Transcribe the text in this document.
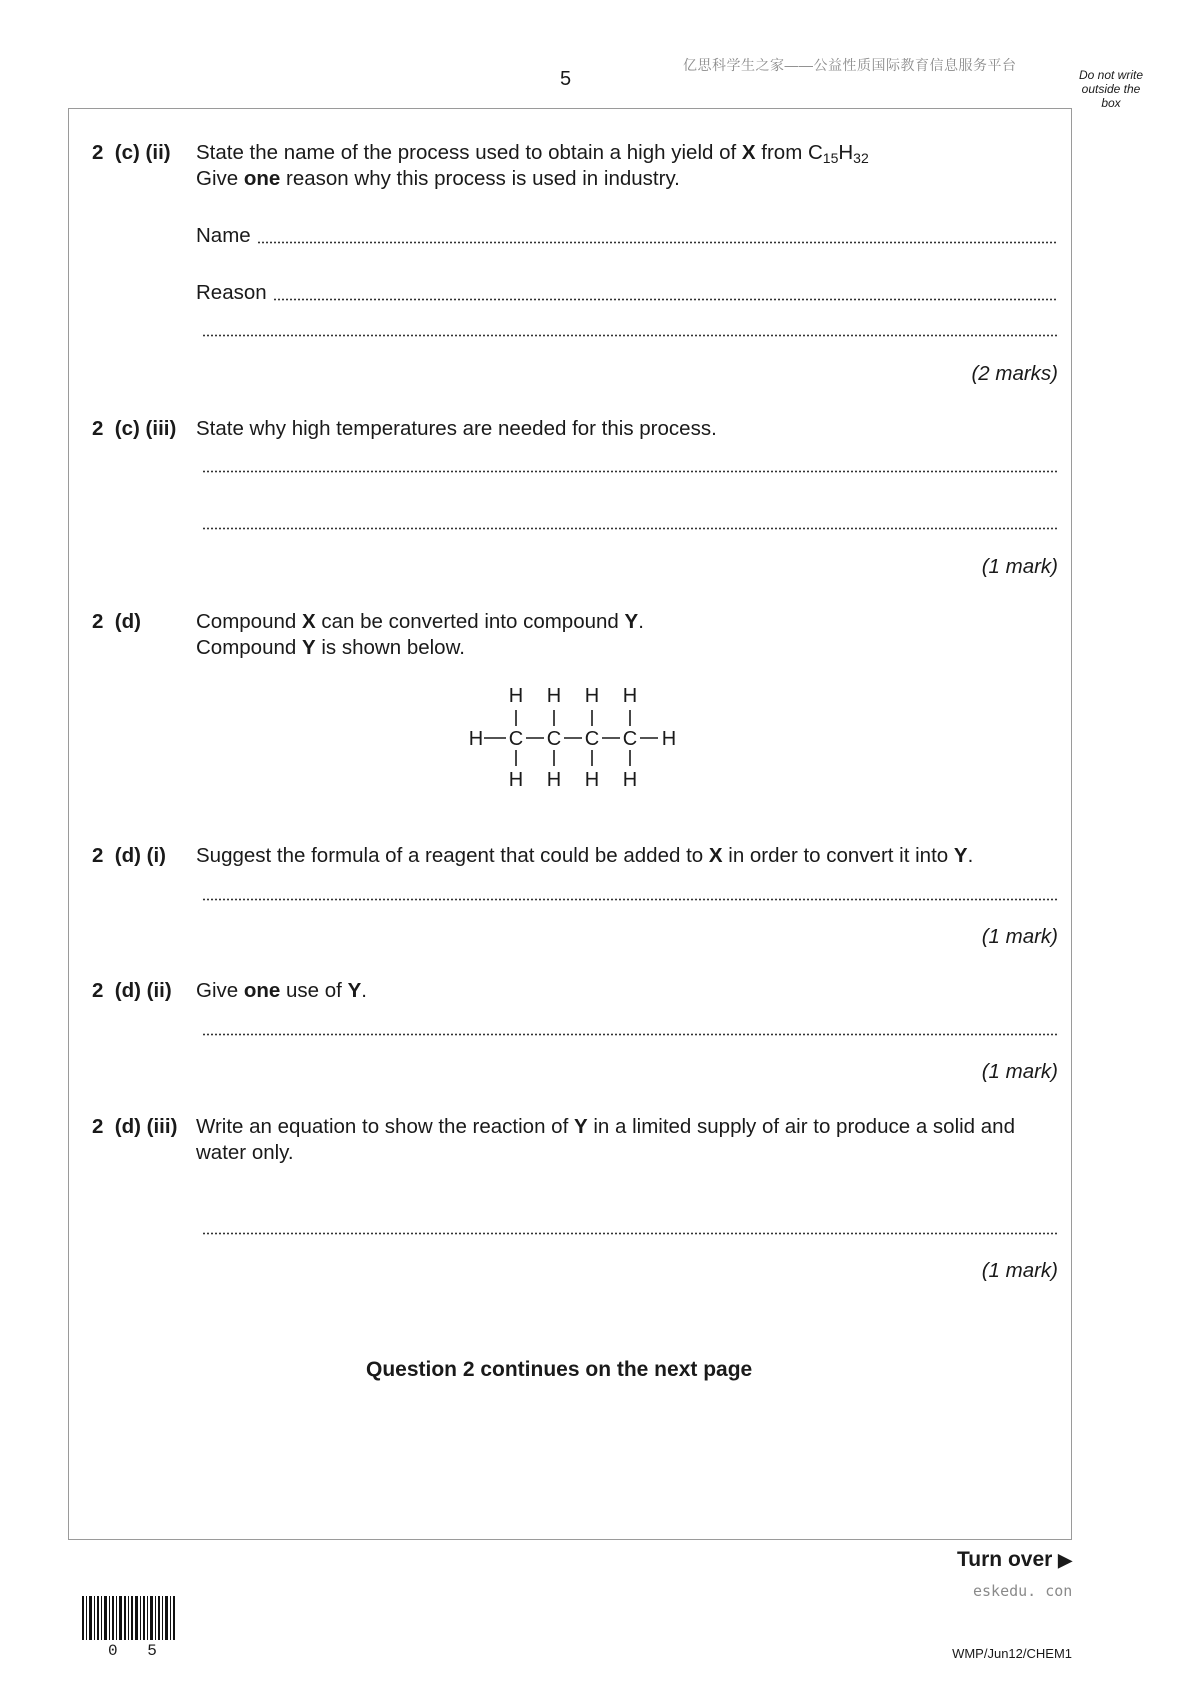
5
亿思科学生之家——公益性质国际教育信息服务平台
Do not write
outside the
box
2  (c) (ii) State the name of the process used to obtain a high yield of X from $C_{15}H_{32}$
Give one reason why this process is used in industry.
Name
Reason
(2 marks)
2  (c) (iii) State why high temperatures are needed for this process.
(1 mark)
2  (d)	Compound X can be converted into compound Y.
Compound Y is shown below.
H H H H
H C C C C H
H H H H
2  (d) (i) Suggest the formula of a reagent that could be added to X in order to convert it into Y.
(1 mark)
2  (d) (ii) Give one use of Y.
(1 mark)
2  (d) (iii) Write an equation to show the reaction of Y in a limited supply of air to produce a solid and water only.
(1 mark)
Question 2 continues on the next page
Turn over ▶
eskedu. con
0 5	WMP/Jun12/CHEM1
